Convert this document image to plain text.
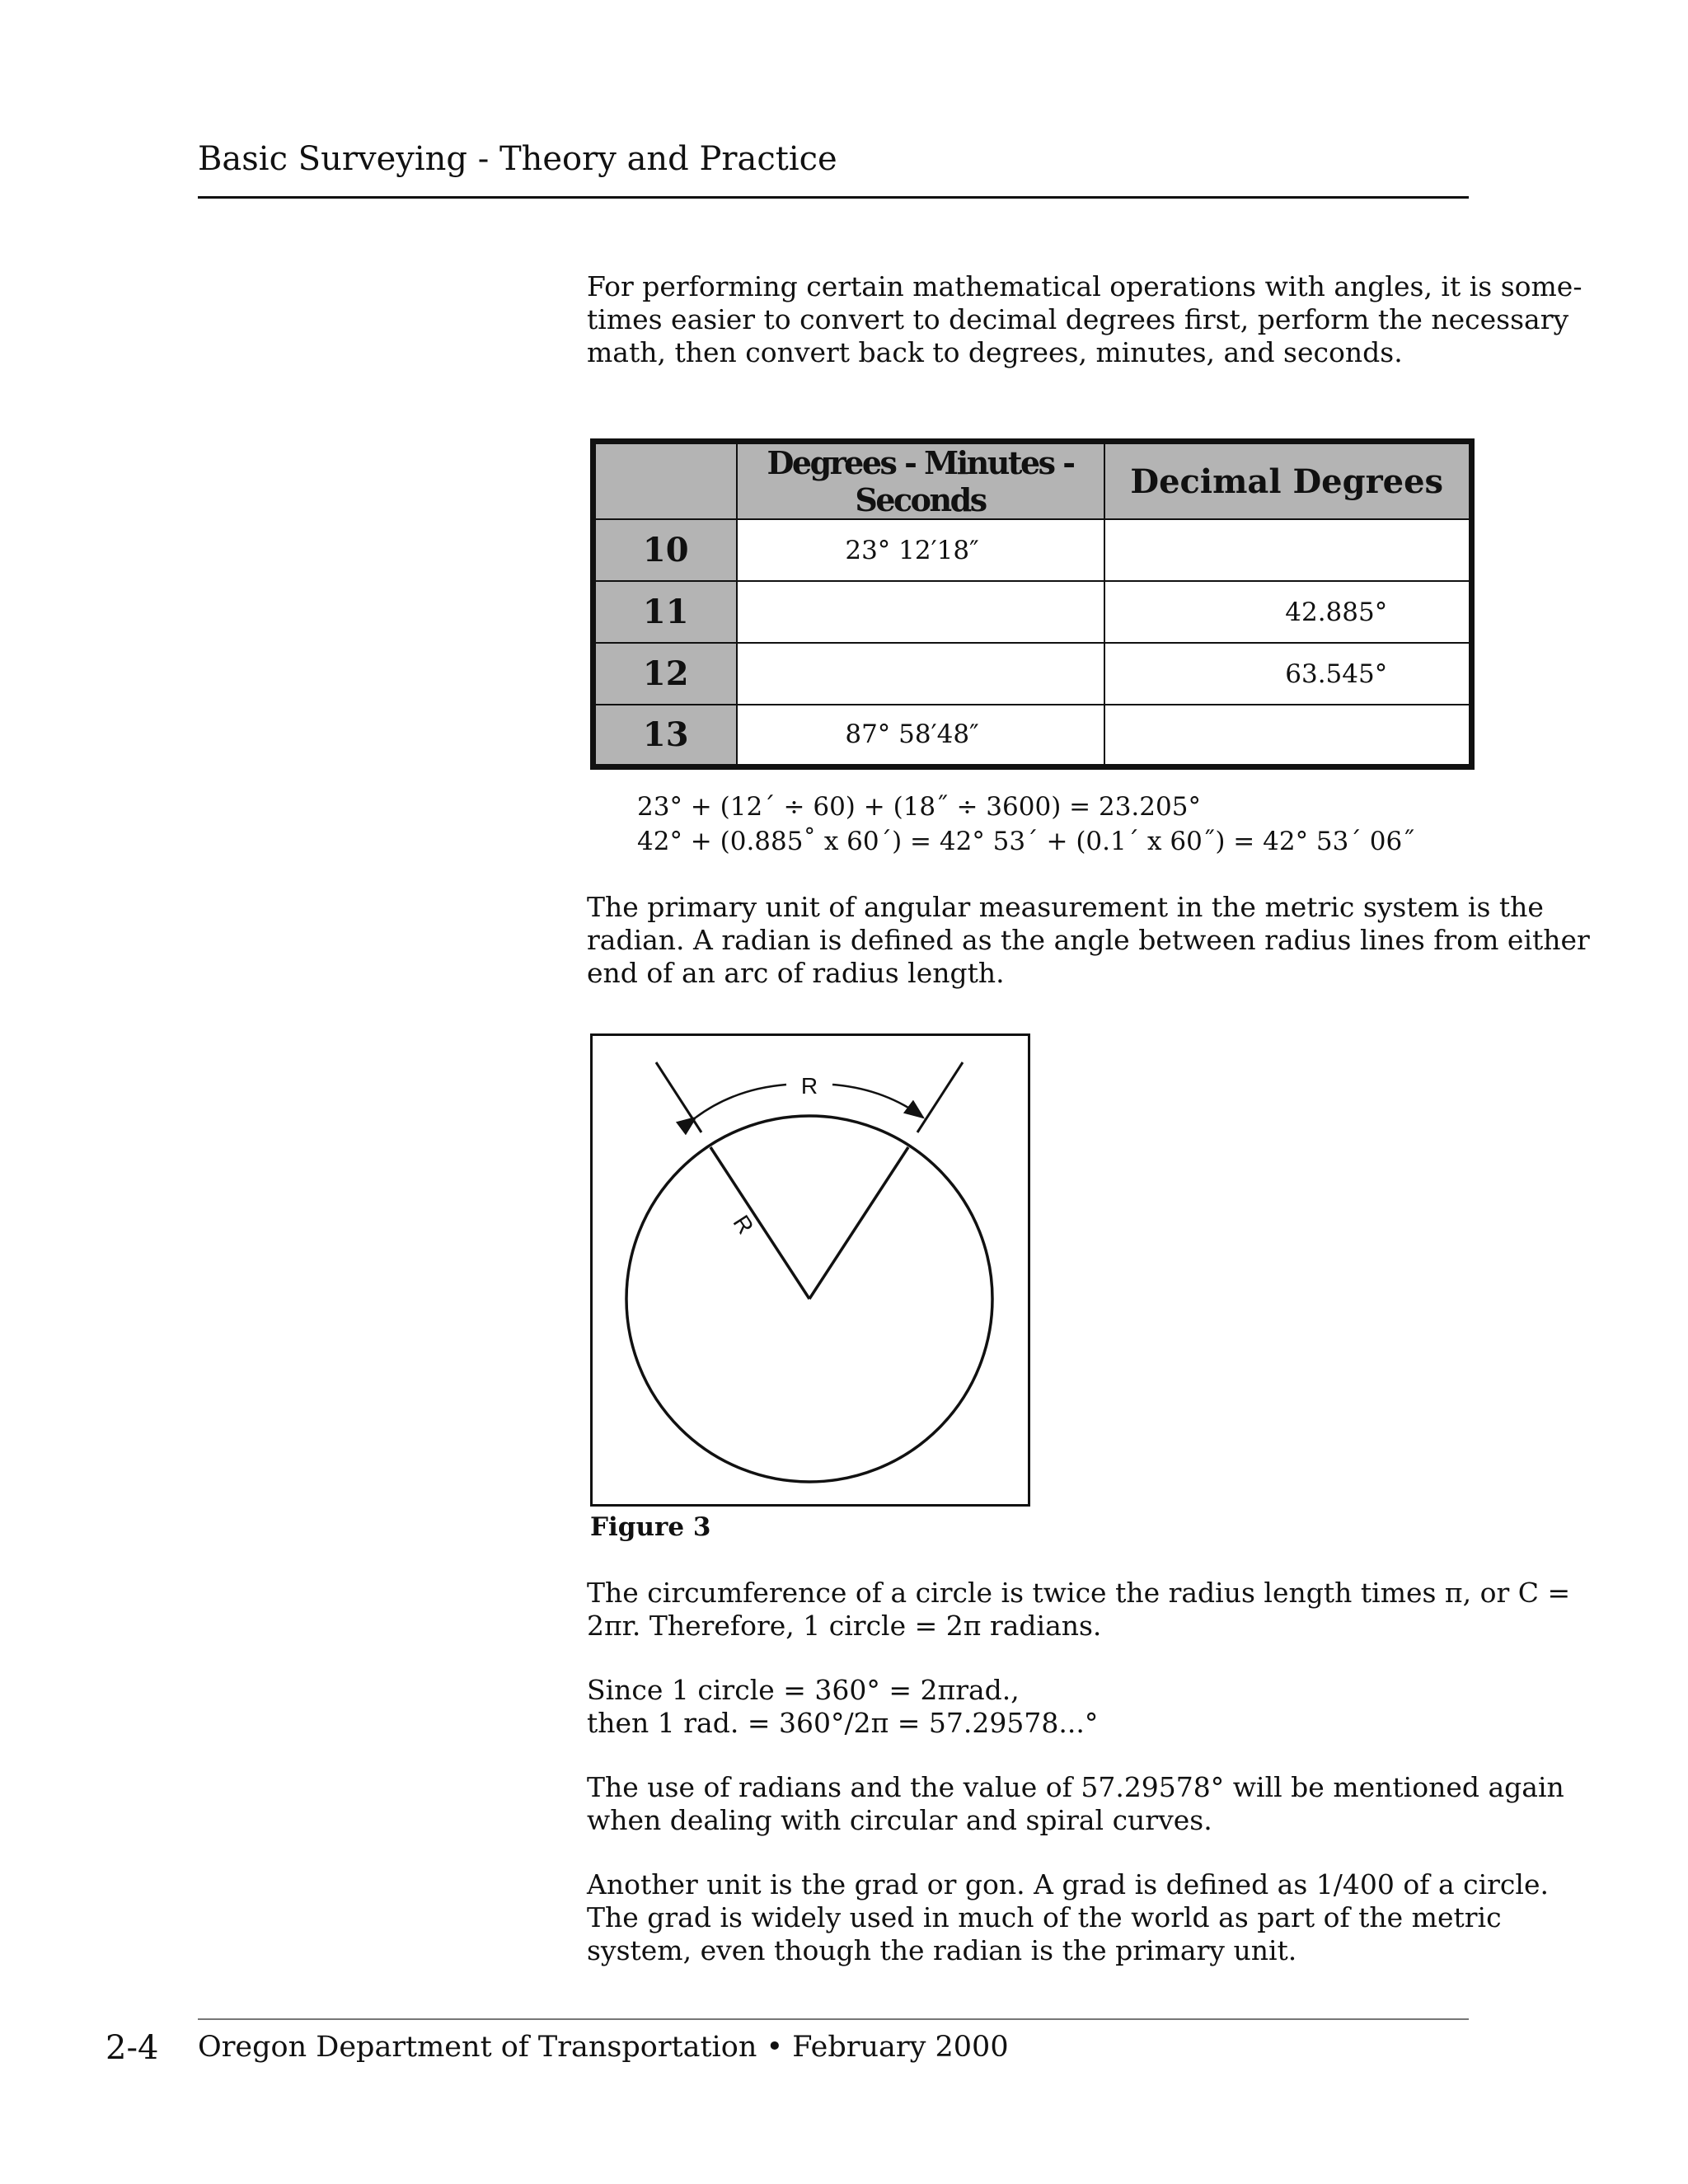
Basic Surveying - Theory and Practice
For performing certain mathematical operations with angles, it is some-
times easier to convert to decimal degrees first, perform the necessary
math, then convert back to degrees, minutes, and seconds.
	Degrees - Minutes -Seconds	Decimal Degrees
10	23° 12′18″	
11		42.885°
12		63.545°
13	87° 58′48″	
23° + (12´ ÷ 60) + (18˝ ÷ 3600) = 23.205°
42° + (0.885˚ x 60´) = 42° 53´ + (0.1´ x 60˝) = 42° 53´ 06˝
The primary unit of angular measurement in the metric system is the
radian. A radian is defined as the angle between radius lines from either
end of an arc of radius length.
R
R
Figure 3
The circumference of a circle is twice the radius length times π, or C =
2πr. Therefore, 1 circle = 2π radians.
Since 1 circle = 360° = 2πrad.,
then 1 rad. = 360°/2π = 57.29578...°
The use of radians and the value of 57.29578° will be mentioned again
when dealing with circular and spiral curves.
Another unit is the grad or gon. A grad is defined as 1/400 of a circle.
The grad is widely used in much of the world as part of the metric
system, even though the radian is the primary unit.
2-4 Oregon Department of Transportation • February 2000
